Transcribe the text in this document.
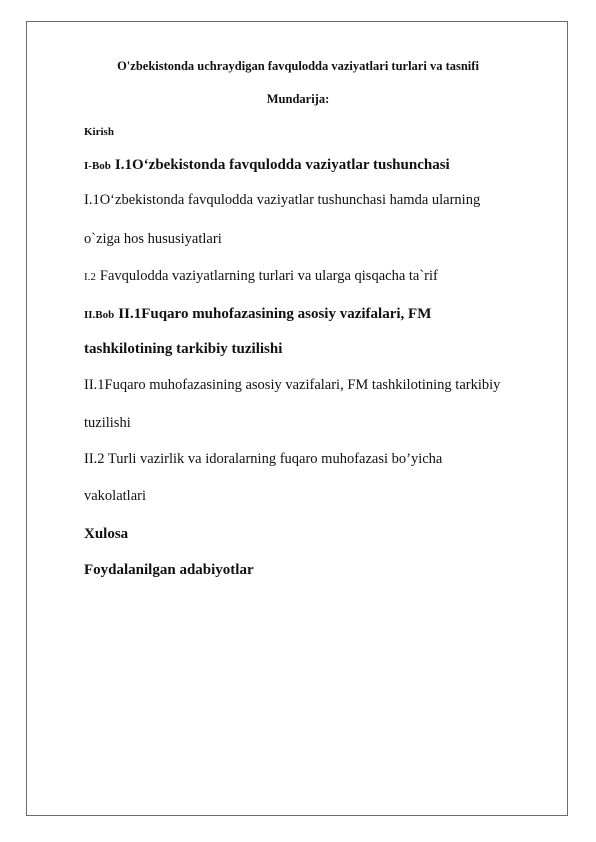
O'zbekistonda uchraydigan favqulodda vaziyatlari turlari va tasnifi
Mundarija:
Kirish
I-Bob I.1O‘zbekistonda favqulodda vaziyatlar tushunchasi
I.1O‘zbekistonda favqulodda vaziyatlar tushunchasi hamda ularning
o`ziga hos hususiyatlari
I.2 Favqulodda vaziyatlarning turlari va ularga qisqacha ta`rif
II.Bob II.1Fuqaro muhofazasining asosiy vazifalari, FM
tashkilotining tarkibiy tuzilishi
II.1Fuqaro muhofazasining asosiy vazifalari, FM tashkilotining tarkibiy
tuzilishi
II.2 Turli vazirlik va idoralarning fuqaro muhofazasi bo’yicha
vakolatlari
Xulosa
Foydalanilgan adabiyotlar
